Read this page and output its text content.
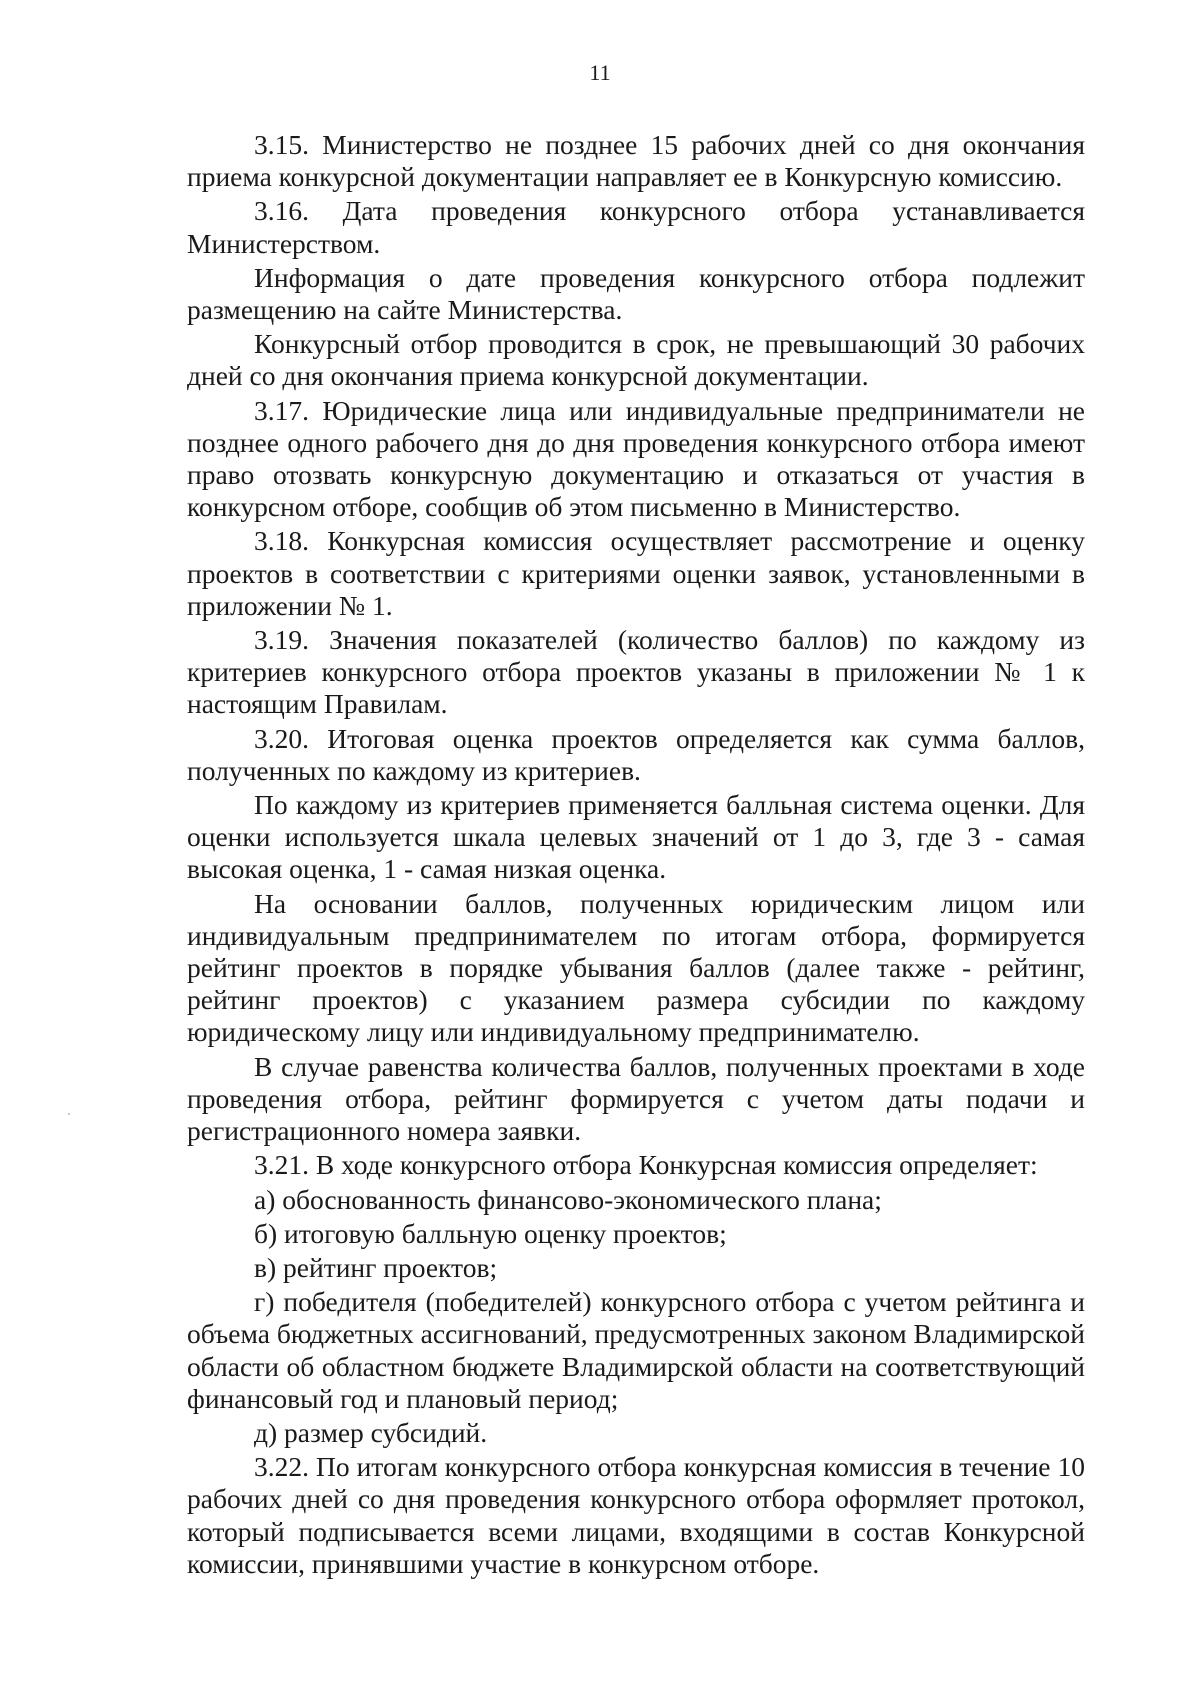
11

3.15. Министерство не позднее 15 рабочих дней со дня окончания приема конкурсной документации направляет ее в Конкурсную комиссию.

3.16. Дата проведения конкурсного отбора устанавливается Министерством.

Информация о дате проведения конкурсного отбора подлежит размещению на сайте Министерства.

Конкурсный отбор проводится в срок, не превышающий 30 рабочих дней со дня окончания приема конкурсной документации.

3.17. Юридические лица или индивидуальные предприниматели не позднее одного рабочего дня до дня проведения конкурсного отбора имеют право отозвать конкурсную документацию и отказаться от участия в конкурсном отборе, сообщив об этом письменно в Министерство.

3.18. Конкурсная комиссия осуществляет рассмотрение и оценку проектов в соответствии с критериями оценки заявок, установленными в приложении № 1.

3.19. Значения показателей (количество баллов) по каждому из критериев конкурсного отбора проектов указаны в приложении № 1 к настоящим Правилам.

3.20. Итоговая оценка проектов определяется как сумма баллов, полученных по каждому из критериев.

По каждому из критериев применяется балльная система оценки. Для оценки используется шкала целевых значений от 1 до 3, где 3 - самая высокая оценка, 1 - самая низкая оценка.

На основании баллов, полученных юридическим лицом или индивидуальным предпринимателем по итогам отбора, формируется рейтинг проектов в порядке убывания баллов (далее также - рейтинг, рейтинг проектов) с указанием размера субсидии по каждому юридическому лицу или индивидуальному предпринимателю.

В случае равенства количества баллов, полученных проектами в ходе проведения отбора, рейтинг формируется с учетом даты подачи и регистрационного номера заявки.

3.21. В ходе конкурсного отбора Конкурсная комиссия определяет:

а) обоснованность финансово-экономического плана;

б) итоговую балльную оценку проектов;

в) рейтинг проектов;

г) победителя (победителей) конкурсного отбора с учетом рейтинга и объема бюджетных ассигнований, предусмотренных законом Владимирской области об областном бюджете Владимирской области на соответствующий финансовый год и плановый период;

д) размер субсидий.

3.22. По итогам конкурсного отбора конкурсная комиссия в течение 10 рабочих дней со дня проведения конкурсного отбора оформляет протокол, который подписывается всеми лицами, входящими в состав Конкурсной комиссии, принявшими участие в конкурсном отборе.
